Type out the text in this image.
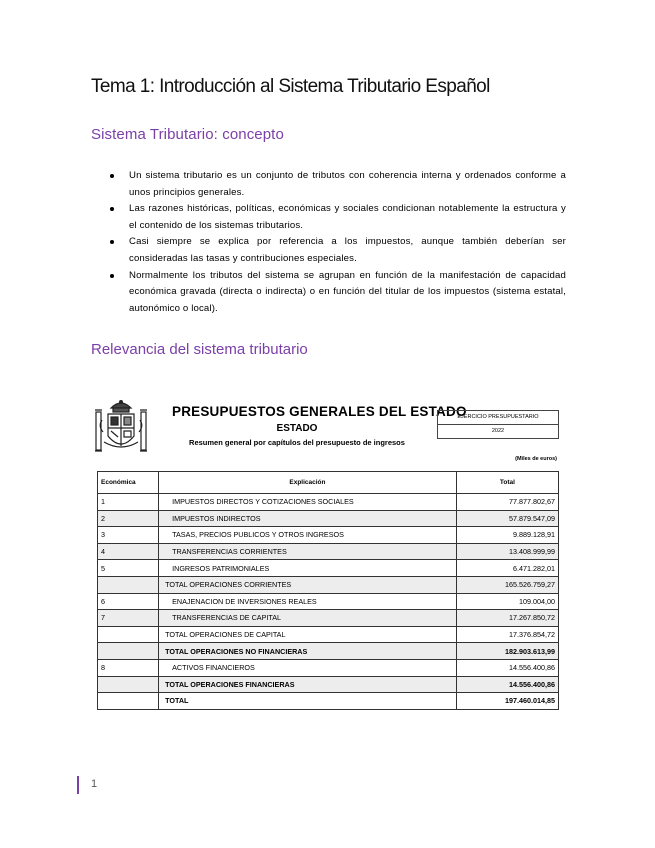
Tema 1: Introducción al Sistema Tributario Español
Sistema Tributario: concepto
Un sistema tributario es un conjunto de tributos con coherencia interna y ordenados conforme a unos principios generales.
Las razones históricas, políticas, económicas y sociales condicionan notablemente la estructura y el contenido de los sistemas tributarios.
Casi siempre se explica por referencia a los impuestos, aunque también deberían ser consideradas las tasas y contribuciones especiales.
Normalmente los tributos del sistema se agrupan en función de la manifestación de capacidad económica gravada (directa o indirecta) o en función del titular de los impuestos (sistema estatal, autonómico o local).
Relevancia del sistema tributario
PRESUPUESTOS GENERALES DEL ESTADO
ESTADO
Resumen general por capítulos del presupuesto de ingresos
EJERCICIO PRESUPUESTARIO
2022
(Miles de euros)
Económica	Explicación	Total
1	IMPUESTOS DIRECTOS Y COTIZACIONES SOCIALES	77.877.802,67
2	IMPUESTOS INDIRECTOS	57.879.547,09
3	TASAS, PRECIOS PUBLICOS Y OTROS INGRESOS	9.889.128,91
4	TRANSFERENCIAS CORRIENTES	13.408.999,99
5	INGRESOS PATRIMONIALES	6.471.282,01
	TOTAL OPERACIONES CORRIENTES	165.526.759,27
6	ENAJENACION DE INVERSIONES REALES	109.004,00
7	TRANSFERENCIAS DE CAPITAL	17.267.850,72
	TOTAL OPERACIONES DE CAPITAL	17.376.854,72
	TOTAL OPERACIONES NO FINANCIERAS	182.903.613,99
8	ACTIVOS FINANCIEROS	14.556.400,86
	TOTAL OPERACIONES FINANCIERAS	14.556.400,86
	TOTAL	197.460.014,85
1
